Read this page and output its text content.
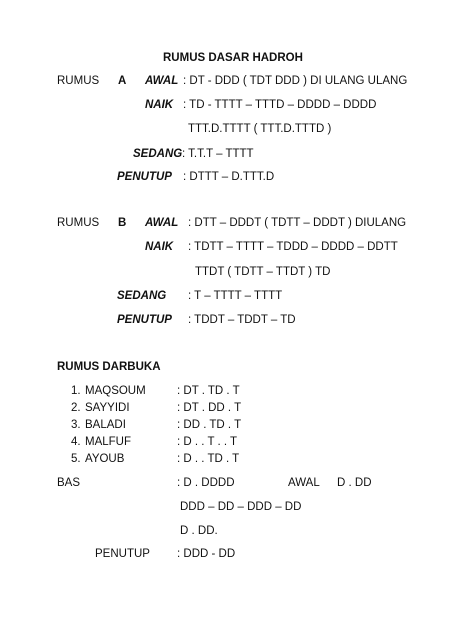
RUMUS DASAR HADROH
RUMUS A AWAL : DT - DDD ( TDT DDD ) DI ULANG ULANG
NAIK : TD - TTTT – TTTD – DDDD – DDDD
TTT.D.TTTT ( TTT.D.TTTD )
SEDANG : T.T.T – TTTT
PENUTUP : DTTT – D.TTT.D
RUMUS B AWAL : DTT – DDDT ( TDTT – DDDT ) DIULANG
NAIK : TDTT – TTTT – TDDD – DDDD – DDTT
TTDT ( TDTT – TTDT ) TD
SEDANG : T – TTTT – TTTT
PENUTUP : TDDT – TDDT – TD
RUMUS DARBUKA
1. MAQSOUM	: DT . TD . T
2. SAYYIDI	: DT . DD . T
3. BALADI	: DD . TD . T
4. MALFUF	: D . . T . . T
5. AYOUB	: D . . TD . T
BAS	: D . DDDD	AWAL D . DD
DDD – DD – DDD – DD
D . DD.
PENUTUP : DDD - DD
